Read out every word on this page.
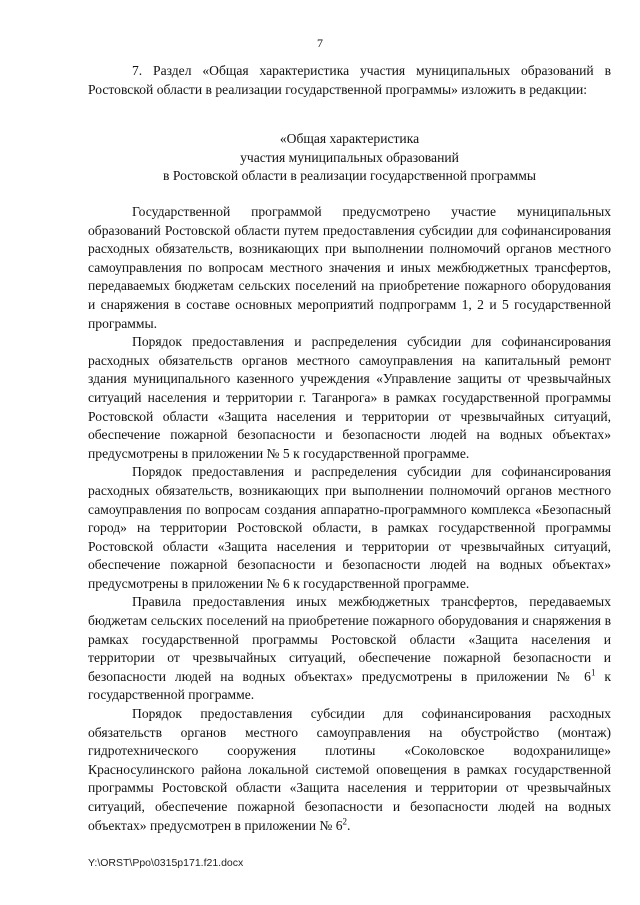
7

7. Раздел «Общая характеристика участия муниципальных образований в Ростовской области в реализации государственной программы» изложить в редакции:

«Общая характеристика
участия муниципальных образований
в Ростовской области в реализации государственной программы

Государственной программой предусмотрено участие муниципальных образований Ростовской области путем предоставления субсидии для софинансирования расходных обязательств, возникающих при выполнении полномочий органов местного самоуправления по вопросам местного значения и иных межбюджетных трансфертов, передаваемых бюджетам сельских поселений на приобретение пожарного оборудования и снаряжения в составе основных мероприятий подпрограмм 1, 2 и 5 государственной программы.

Порядок предоставления и распределения субсидии для софинансирования расходных обязательств органов местного самоуправления на капитальный ремонт здания муниципального казенного учреждения «Управление защиты от чрезвычайных ситуаций населения и территории г. Таганрога» в рамках государственной программы Ростовской области «Защита населения и территории от чрезвычайных ситуаций, обеспечение пожарной безопасности и безопасности людей на водных объектах» предусмотрены в приложении № 5 к государственной программе.

Порядок предоставления и распределения субсидии для софинансирования расходных обязательств, возникающих при выполнении полномочий органов местного самоуправления по вопросам создания аппаратно-программного комплекса «Безопасный город» на территории Ростовской области, в рамках государственной программы Ростовской области «Защита населения и территории от чрезвычайных ситуаций, обеспечение пожарной безопасности и безопасности людей на водных объектах» предусмотрены в приложении № 6 к государственной программе.

Правила предоставления иных межбюджетных трансфертов, передаваемых бюджетам сельских поселений на приобретение пожарного оборудования и снаряжения в рамках государственной программы Ростовской области «Защита населения и территории от чрезвычайных ситуаций, обеспечение пожарной безопасности и безопасности людей на водных объектах» предусмотрены в приложении № $6^1$ к государственной программе.

Порядок предоставления субсидии для софинансирования расходных обязательств органов местного самоуправления на обустройство (монтаж) гидротехнического сооружения плотины «Соколовское водохранилище» Красносулинского района локальной системой оповещения в рамках государственной программы Ростовской области «Защита населения и территории от чрезвычайных ситуаций, обеспечение пожарной безопасности и безопасности людей на водных объектах» предусмотрен в приложении № $6^2$.

Y:\ORST\Ppo\0315p171.f21.docx
